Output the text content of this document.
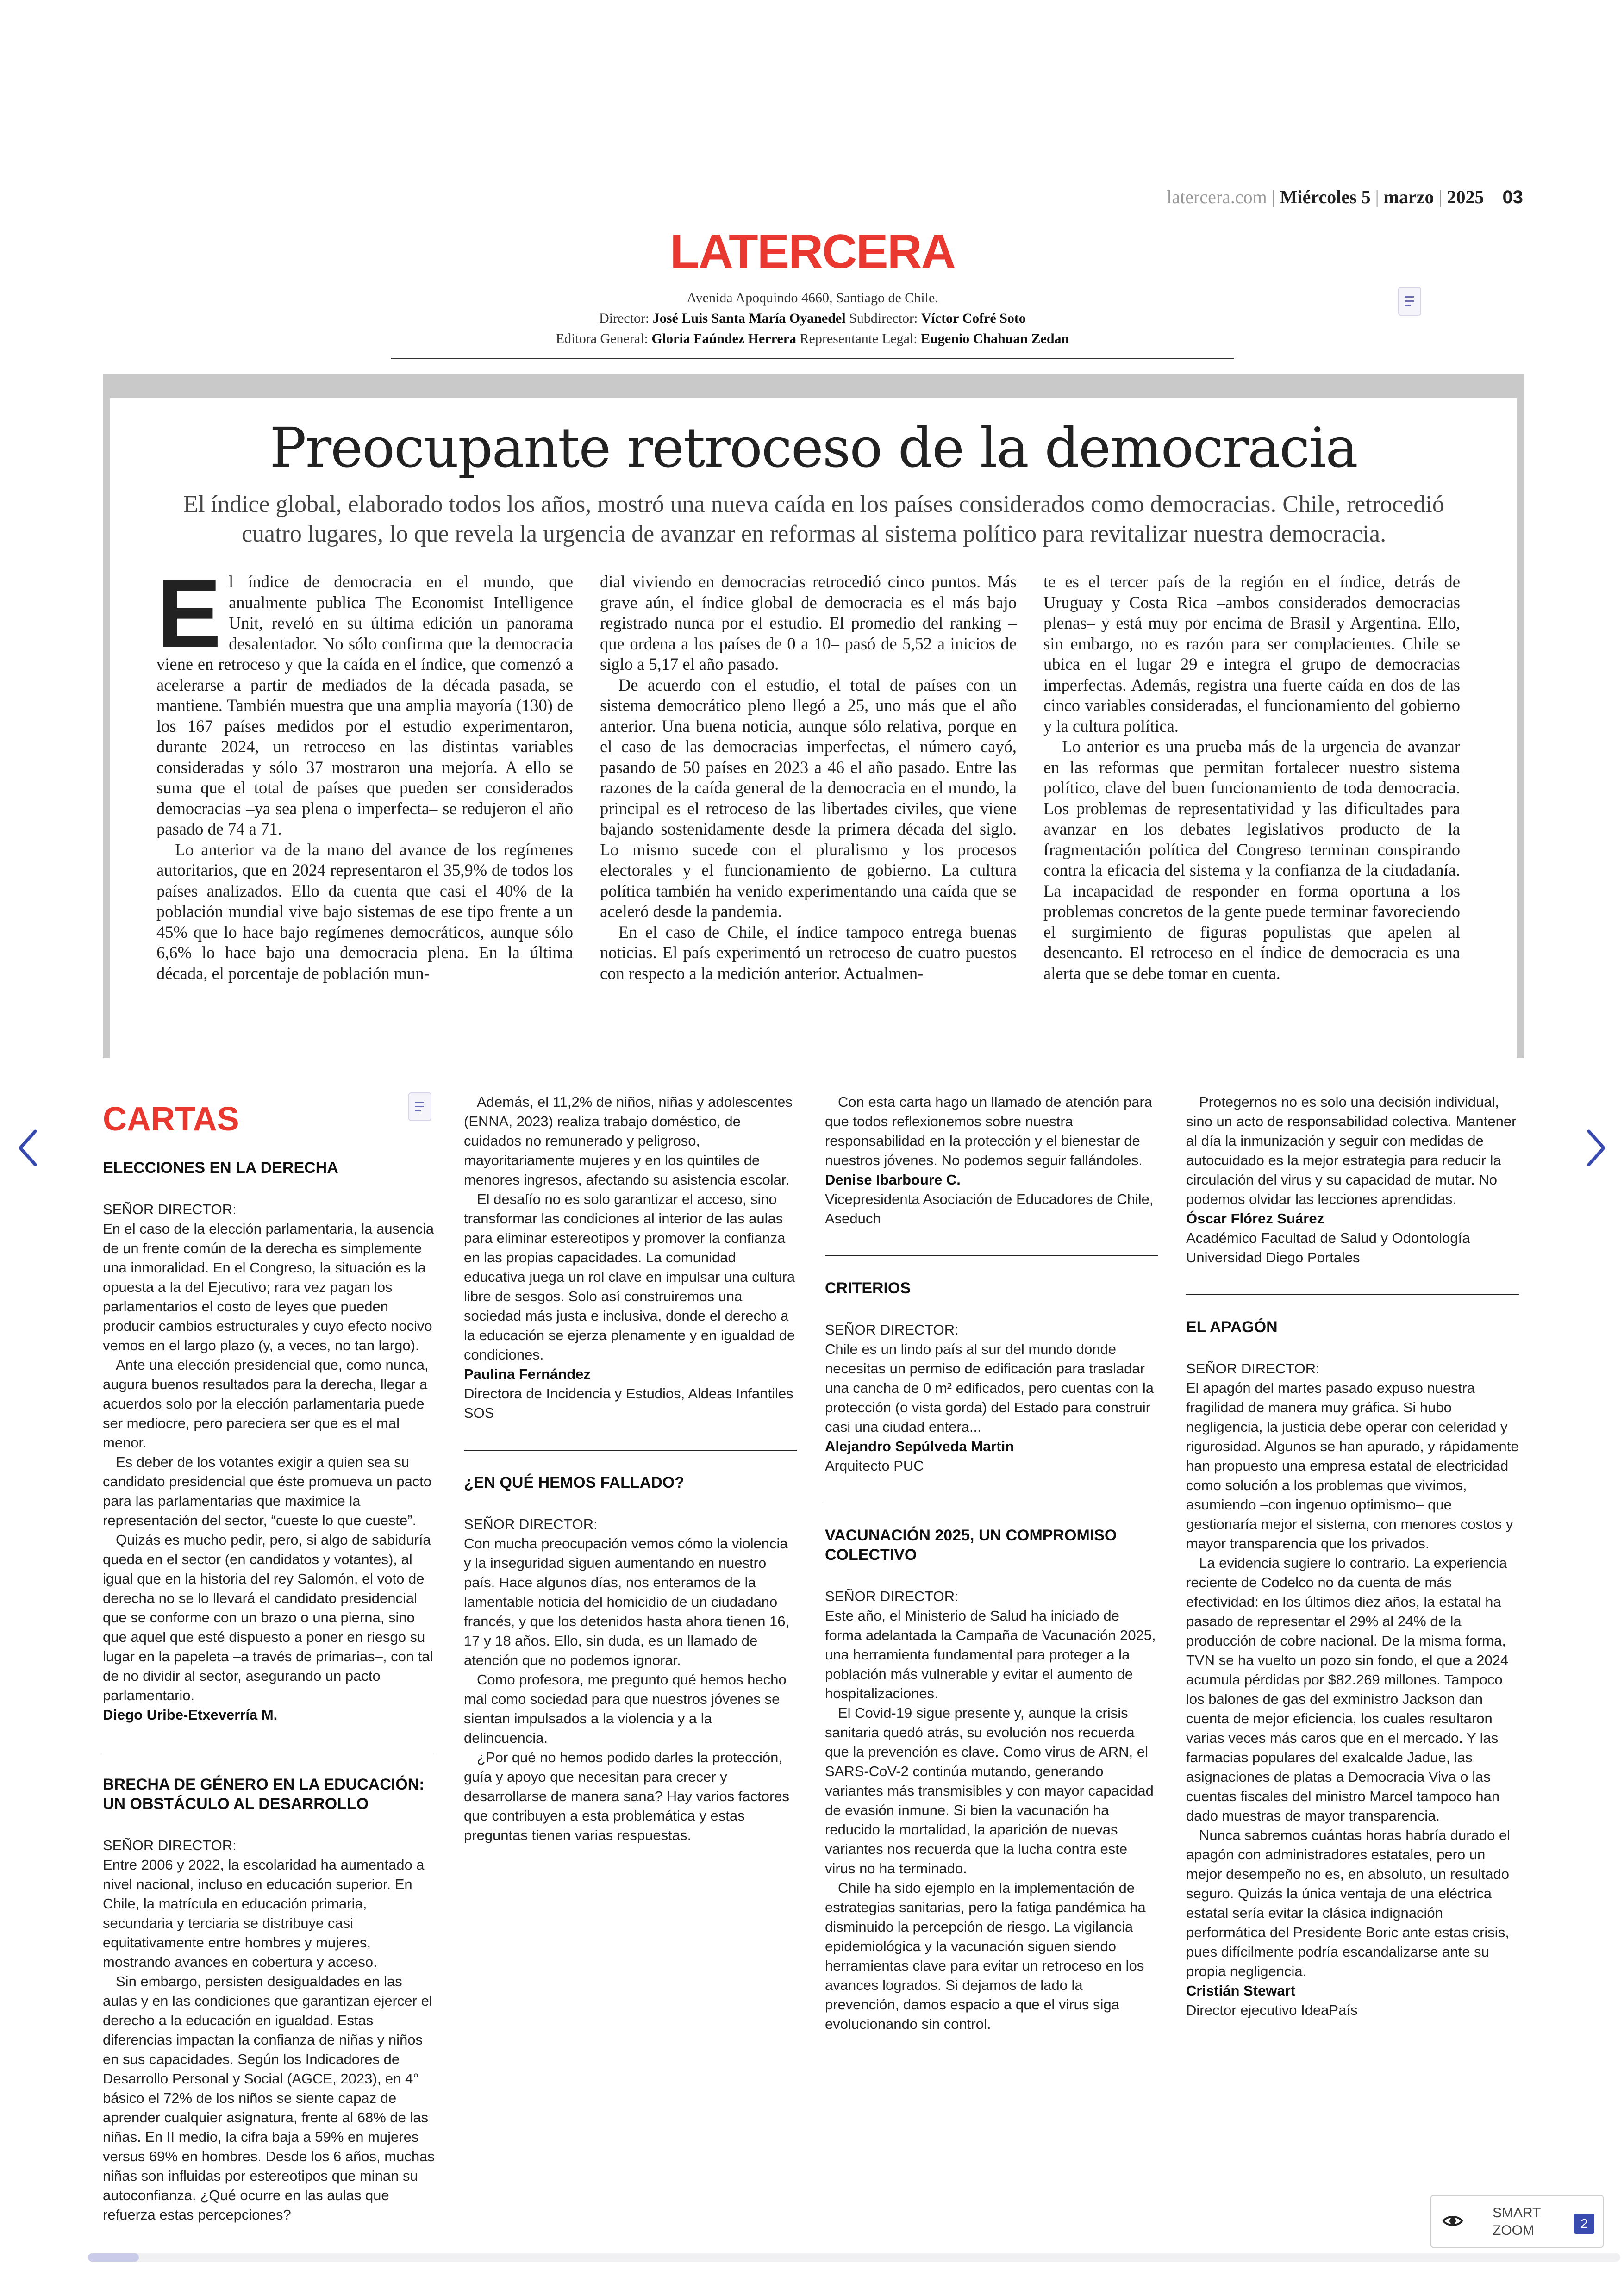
latercera.com | Miércoles 5 | marzo | 2025 03
LATERCERA
Avenida Apoquindo 4660, Santiago de Chile.
Director: José Luis Santa María Oyanedel Subdirector: Víctor Cofré Soto
Editora General: Gloria Faúndez Herrera Representante Legal: Eugenio Chahuan Zedan
Preocupante retroceso de la democracia
El índice global, elaborado todos los años, mostró una nueva caída en los países considerados como democracias. Chile, retrocedió cuatro lugares, lo que revela la urgencia de avanzar en reformas al sistema político para revitalizar nuestra democracia.

El índice de democracia en el mundo, que anualmente publica The Economist Intelligence Unit, reveló en su última edición un panorama desalentador. No sólo confirma que la democracia viene en retroceso y que la caída en el índice, que comenzó a acelerarse a partir de mediados de la década pasada, se mantiene. También muestra que una amplia mayoría (130) de los 167 países medidos por el estudio experimentaron, durante 2024, un retroceso en las distintas variables consideradas y sólo 37 mostraron una mejoría. A ello se suma que el total de países que pueden ser considerados democracias –ya sea plena o imperfecta– se redujeron el año pasado de 74 a 71.

Lo anterior va de la mano del avance de los regímenes autoritarios, que en 2024 representaron el 35,9% de todos los países analizados. Ello da cuenta que casi el 40% de la población mundial vive bajo sistemas de ese tipo frente a un 45% que lo hace bajo regímenes democráticos, aunque sólo 6,6% lo hace bajo una democracia plena. En la última década, el porcentaje de población mun-

dial viviendo en democracias retrocedió cinco puntos. Más grave aún, el índice global de democracia es el más bajo registrado nunca por el estudio. El promedio del ranking –que ordena a los países de 0 a 10– pasó de 5,52 a inicios de siglo a 5,17 el año pasado.

De acuerdo con el estudio, el total de países con un sistema democrático pleno llegó a 25, uno más que el año anterior. Una buena noticia, aunque sólo relativa, porque en el caso de las democracias imperfectas, el número cayó, pasando de 50 países en 2023 a 46 el año pasado. Entre las razones de la caída general de la democracia en el mundo, la principal es el retroceso de las libertades civiles, que viene bajando sostenidamente desde la primera década del siglo. Lo mismo sucede con el pluralismo y los procesos electorales y el funcionamiento de gobierno. La cultura política también ha venido experimentando una caída que se aceleró desde la pandemia.

En el caso de Chile, el índice tampoco entrega buenas noticias. El país experimentó un retroceso de cuatro puestos con respecto a la medición anterior. Actualmen-

te es el tercer país de la región en el índice, detrás de Uruguay y Costa Rica –ambos considerados democracias plenas– y está muy por encima de Brasil y Argentina. Ello, sin embargo, no es razón para ser complacientes. Chile se ubica en el lugar 29 e integra el grupo de democracias imperfectas. Además, registra una fuerte caída en dos de las cinco variables consideradas, el funcionamiento del gobierno y la cultura política.

Lo anterior es una prueba más de la urgencia de avanzar en las reformas que permitan fortalecer nuestro sistema político, clave del buen funcionamiento de toda democracia. Los problemas de representatividad y las dificultades para avanzar en los debates legislativos producto de la fragmentación política del Congreso terminan conspirando contra la eficacia del sistema y la confianza de la ciudadanía. La incapacidad de responder en forma oportuna a los problemas concretos de la gente puede terminar favoreciendo el surgimiento de figuras populistas que apelen al desencanto. El retroceso en el índice de democracia es una alerta que se debe tomar en cuenta.

CARTAS
ELECCIONES EN LA DERECHA

SEÑOR DIRECTOR:

En el caso de la elección parlamentaria, la ausencia de un frente común de la derecha es simplemente una inmoralidad. En el Congreso, la situación es la opuesta a la del Ejecutivo; rara vez pagan los parlamentarios el costo de leyes que pueden producir cambios estructurales y cuyo efecto nocivo vemos en el largo plazo (y, a veces, no tan largo).

Ante una elección presidencial que, como nunca, augura buenos resultados para la derecha, llegar a acuerdos solo por la elección parlamentaria puede ser mediocre, pero pareciera ser que es el mal menor.

Es deber de los votantes exigir a quien sea su candidato presidencial que éste promueva un pacto para las parlamentarias que maximice la representación del sector, “cueste lo que cueste”.

Quizás es mucho pedir, pero, si algo de sabiduría queda en el sector (en candidatos y votantes), al igual que en la historia del rey Salomón, el voto de derecha no se lo llevará el candidato presidencial que se conforme con un brazo o una pierna, sino que aquel que esté dispuesto a poner en riesgo su lugar en la papeleta –a través de primarias–, con tal de no dividir al sector, asegurando un pacto parlamentario.

Diego Uribe-Etxeverría M.

BRECHA DE GÉNERO EN LA EDUCACIÓN: UN OBSTÁCULO AL DESARROLLO

SEÑOR DIRECTOR:

Entre 2006 y 2022, la escolaridad ha aumentado a nivel nacional, incluso en educación superior. En Chile, la matrícula en educación primaria, secundaria y terciaria se distribuye casi equitativamente entre hombres y mujeres, mostrando avances en cobertura y acceso.

Sin embargo, persisten desigualdades en las aulas y en las condiciones que garantizan ejercer el derecho a la educación en igualdad. Estas diferencias impactan la confianza de niñas y niños en sus capacidades. Según los Indicadores de Desarrollo Personal y Social (AGCE, 2023), en 4° básico el 72% de los niños se siente capaz de aprender cualquier asignatura, frente al 68% de las niñas. En II medio, la cifra baja a 59% en mujeres versus 69% en hombres. Desde los 6 años, muchas niñas son influidas por estereotipos que minan su autoconfianza. ¿Qué ocurre en las aulas que refuerza estas percepciones?

Además, el 11,2% de niños, niñas y adolescentes (ENNA, 2023) realiza trabajo doméstico, de cuidados no remunerado y peligroso, mayoritariamente mujeres y en los quintiles de menores ingresos, afectando su asistencia escolar.

El desafío no es solo garantizar el acceso, sino transformar las condiciones al interior de las aulas para eliminar estereotipos y promover la confianza en las propias capacidades. La comunidad educativa juega un rol clave en impulsar una cultura libre de sesgos. Solo así construiremos una sociedad más justa e inclusiva, donde el derecho a la educación se ejerza plenamente y en igualdad de condiciones.

Paulina Fernández

Directora de Incidencia y Estudios, Aldeas Infantiles SOS

¿EN QUÉ HEMOS FALLADO?

SEÑOR DIRECTOR:

Con mucha preocupación vemos cómo la violencia y la inseguridad siguen aumentando en nuestro país. Hace algunos días, nos enteramos de la lamentable noticia del homicidio de un ciudadano francés, y que los detenidos hasta ahora tienen 16, 17 y 18 años. Ello, sin duda, es un llamado de atención que no podemos ignorar.

Como profesora, me pregunto qué hemos hecho mal como sociedad para que nuestros jóvenes se sientan impulsados a la violencia y a la delincuencia.

¿Por qué no hemos podido darles la protección, guía y apoyo que necesitan para crecer y desarrollarse de manera sana? Hay varios factores que contribuyen a esta problemática y estas preguntas tienen varias respuestas.

Con esta carta hago un llamado de atención para que todos reflexionemos sobre nuestra responsabilidad en la protección y el bienestar de nuestros jóvenes. No podemos seguir fallándoles.

Denise Ibarboure C.

Vicepresidenta Asociación de Educadores de Chile, Aseduch

CRITERIOS

SEÑOR DIRECTOR:

Chile es un lindo país al sur del mundo donde necesitas un permiso de edificación para trasladar una cancha de 0 m² edificados, pero cuentas con la protección (o vista gorda) del Estado para construir casi una ciudad entera...

Alejandro Sepúlveda Martin

Arquitecto PUC

VACUNACIÓN 2025, UN COMPROMISO COLECTIVO

SEÑOR DIRECTOR:

Este año, el Ministerio de Salud ha iniciado de forma adelantada la Campaña de Vacunación 2025, una herramienta fundamental para proteger a la población más vulnerable y evitar el aumento de hospitalizaciones.

El Covid-19 sigue presente y, aunque la crisis sanitaria quedó atrás, su evolución nos recuerda que la prevención es clave. Como virus de ARN, el SARS-CoV-2 continúa mutando, generando variantes más transmisibles y con mayor capacidad de evasión inmune. Si bien la vacunación ha reducido la mortalidad, la aparición de nuevas variantes nos recuerda que la lucha contra este virus no ha terminado.

Chile ha sido ejemplo en la implementación de estrategias sanitarias, pero la fatiga pandémica ha disminuido la percepción de riesgo. La vigilancia epidemiológica y la vacunación siguen siendo herramientas clave para evitar un retroceso en los avances logrados. Si dejamos de lado la prevención, damos espacio a que el virus siga evolucionando sin control.

Protegernos no es solo una decisión individual, sino un acto de responsabilidad colectiva. Mantener al día la inmunización y seguir con medidas de autocuidado es la mejor estrategia para reducir la circulación del virus y su capacidad de mutar. No podemos olvidar las lecciones aprendidas.

Óscar Flórez Suárez

Académico Facultad de Salud y Odontología Universidad Diego Portales

EL APAGÓN

SEÑOR DIRECTOR:

El apagón del martes pasado expuso nuestra fragilidad de manera muy gráfica. Si hubo negligencia, la justicia debe operar con celeridad y rigurosidad. Algunos se han apurado, y rápidamente han propuesto una empresa estatal de electricidad como solución a los problemas que vivimos, asumiendo –con ingenuo optimismo– que gestionaría mejor el sistema, con menores costos y mayor transparencia que los privados.

La evidencia sugiere lo contrario. La experiencia reciente de Codelco no da cuenta de más efectividad: en los últimos diez años, la estatal ha pasado de representar el 29% al 24% de la producción de cobre nacional. De la misma forma, TVN se ha vuelto un pozo sin fondo, el que a 2024 acumula pérdidas por $82.269 millones. Tampoco los balones de gas del exministro Jackson dan cuenta de mejor eficiencia, los cuales resultaron varias veces más caros que en el mercado. Y las farmacias populares del exalcalde Jadue, las asignaciones de platas a Democracia Viva o las cuentas fiscales del ministro Marcel tampoco han dado muestras de mayor transparencia.

Nunca sabremos cuántas horas habría durado el apagón con administradores estatales, pero un mejor desempeño no es, en absoluto, un resultado seguro. Quizás la única ventaja de una eléctrica estatal sería evitar la clásica indignación performática del Presidente Boric ante estas crisis, pues difícilmente podría escandalizarse ante su propia negligencia.

Cristián Stewart

Director ejecutivo IdeaPaís

SMART
ZOOM	2
